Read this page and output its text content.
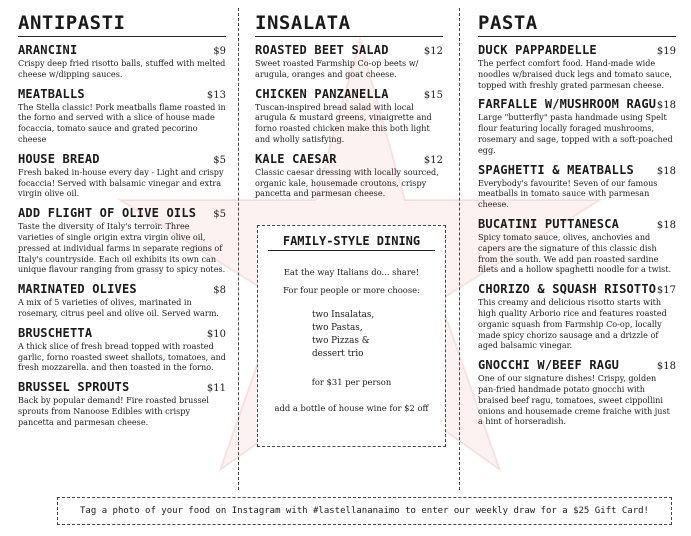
ANTIPASTI
ARANCINI	$9
Crispy deep fried risotto balls, stuffed with melted cheese w/dipping sauces.
MEATBALLS	$13
The Stella classic! Pork meatballs flame roasted in the forno and served with a slice of house made focaccia, tomato sauce and grated pecorino cheese
HOUSE BREAD	$5
Fresh baked in-house every day - Light and crispy focaccia! Served with balsamic vinegar and extra virgin olive oil.
ADD FLIGHT OF OLIVE OILS $5
Taste the diversity of Italy's terroir. Three varieties of single origin extra virgin olive oil, pressed at individual farms in separate regions of Italy's countryside. Each oil exhibits its own can unique flavour ranging from grassy to spicy notes.
MARINATED OLIVES	$8
A mix of 5 varieties of olives, marinated in rosemary, citrus peel and olive oil. Served warm.
BRUSCHETTA	$10
A thick slice of fresh bread topped with roasted garlic, forno roasted sweet shallots, tomatoes, and fresh mozzarella. and then toasted in the forno.
BRUSSEL SPROUTS	$11
Back by popular demand! Fire roasted brussel sprouts from Nanoose Edibles with crispy pancetta and parmesan cheese.
INSALATA
ROASTED BEET SALAD	$12
Sweet roasted Farmship Co-op beets w/ arugula, oranges and goat cheese.
CHICKEN PANZANELLA	$15
Tuscan-inspired bread salad with local arugula & mustard greens, vinaigrette and forno roasted chicken make this both light and wholly satisfying.
KALE CAESAR	$12
Classic caesar dressing with locally sourced, organic kale, housemade croutons, crispy pancetta and parmesan cheese.
PASTA
DUCK PAPPARDELLE	$19
The perfect comfort food. Hand-made wide noodles w/braised duck legs and tomato sauce, topped with freshly grated parmesan cheese.
FARFALLE W/MUSHROOM RAGU $18
Large "butterfly" pasta handmade using Spelt flour featuring locally foraged mushrooms, rosemary and sage, topped with a soft-poached egg.
SPAGHETTI & MEATBALLS $18
Everybody's favourite! Seven of our famous meatballs in tomato sauce with parmesan cheese.
BUCATINI PUTTANESCA	$18
Spicy tomato sauce, olives, anchovies and capers are the signature of this classic dish from the south. We add pan roasted sardine filets and a hollow spaghetti noodle for a twist.
CHORIZO & SQUASH RISOTTO $17
This creamy and delicious risotto starts with high quality Arborio rice and features roasted organic squash from Farmship Co-op, locally made spicy chorizo sausage and a drizzle of aged balsamic vinegar.
GNOCCHI W/BEEF RAGU	$18
One of our signature dishes! Crispy, golden pan-fried handmade potato gnocchi with braised beef ragu, tomatoes, sweet cippollini onions and housemade creme fraiche with just a hint of horseradish.
FAMILY-STYLE DINING

Eat the way Italians do... share!

For four people or more choose:

two Insalatas,
two Pastas,
two Pizzas &
dessert trio

for $31 per person

add a bottle of house wine for $2 off

Tag a photo of your food on Instagram with #lastellananaimo to enter our weekly draw for a $25 Gift Card!
